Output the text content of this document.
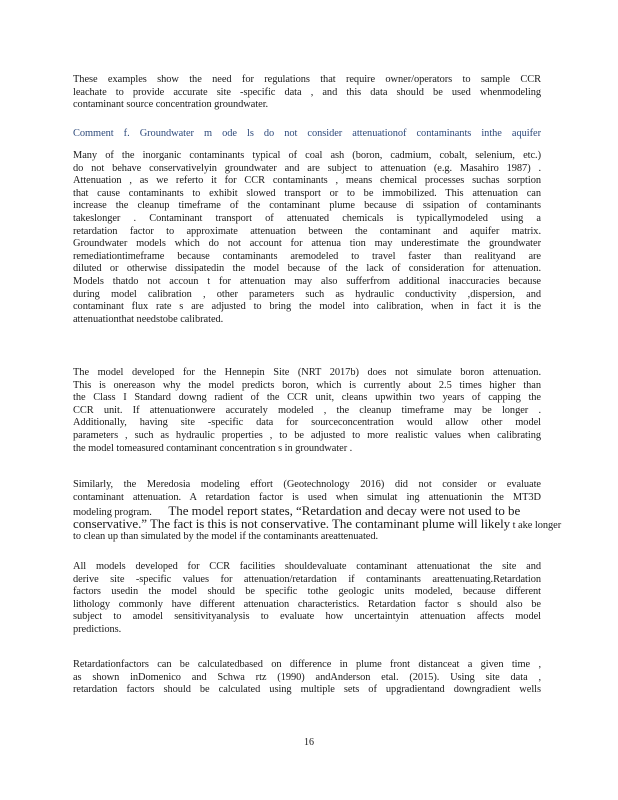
These examples show the need for regulations that require owner/operators to sample CCR
leachate to provide accurate site -specific data , and this data should be used whenmodeling
contaminant source concentration groundwater.
Comment f. Groundwater m ode ls do not consider attenuationof contaminants inthe aquifer
Many of the inorganic contaminants typical of coal ash (boron, cadmium, cobalt, selenium, etc.)
do not behave conservativelyin groundwater and are subject to attenuation (e.g. Masahiro 1987) .
Attenuation , as we referto it for CCR contaminants , means chemical processes suchas sorption
that cause contaminants to exhibit slowed transport or to be immobilized. This attenuation can
increase the cleanup timeframe of the contaminant plume because di ssipation of contaminants
takeslonger . Contaminant transport of attenuated chemicals is typicallymodeled using a
retardation factor to approximate attenuation between the contaminant and aquifer matrix.
Groundwater models which do not account for attenua tion may underestimate the groundwater
remediationtimeframe because contaminants aremodeled to travel faster than realityand are
diluted or otherwise dissipatedin the model because of the lack of consideration for attenuation.
Models thatdo not accoun t for attenuation may also sufferfrom additional inaccuracies because
during model calibration , other parameters such as hydraulic conductivity ,dispersion, and
contaminant flux rate s are adjusted to bring the model into calibration, when in fact it is the
attenuationthat needstobe calibrated.
The model developed for the Hennepin Site (NRT 2017b) does not simulate boron attenuation.
This is onereason why the model predicts boron, which is currently about 2.5 times higher than
the Class I Standard downg radient of the CCR unit, cleans upwithin two years of capping the
CCR unit. If attenuationwere accurately modeled , the cleanup timeframe may be longer .
Additionally, having site -specific data for sourceconcentration would allow other model
parameters , such as hydraulic properties , to be adjusted to more realistic values when calibrating
the model tomeasured contaminant concentration s in groundwater .
Similarly, the Meredosia modeling effort (Geotechnology 2016) did not consider or evaluate
contaminant attenuation. A retardation factor is used when simulat ing attenuationin the MT3D
modeling program. The model report states, “Retardation and decay were not used to be
conservative.” The fact is this is not conservative. The contaminant plume will likely t ake longer
to clean up than simulated by the model if the contaminants areattenuated.
All models developed for CCR facilities shouldevaluate contaminant attenuationat the site and
derive site -specific values for attenuation/retardation if contaminants areattenuating.Retardation
factors usedin the model should be specific tothe geologic units modeled, because different
lithology commonly have different attenuation characteristics. Retardation factor s should also be
subject to amodel sensitivityanalysis to evaluate how uncertaintyin attenuation affects model
predictions.
Retardationfactors can be calculatedbased on difference in plume front distanceat a given time ,
as shown inDomenico and Schwa rtz (1990) andAnderson etal. (2015). Using site data ,
retardation factors should be calculated using multiple sets of upgradientand downgradient wells
16
